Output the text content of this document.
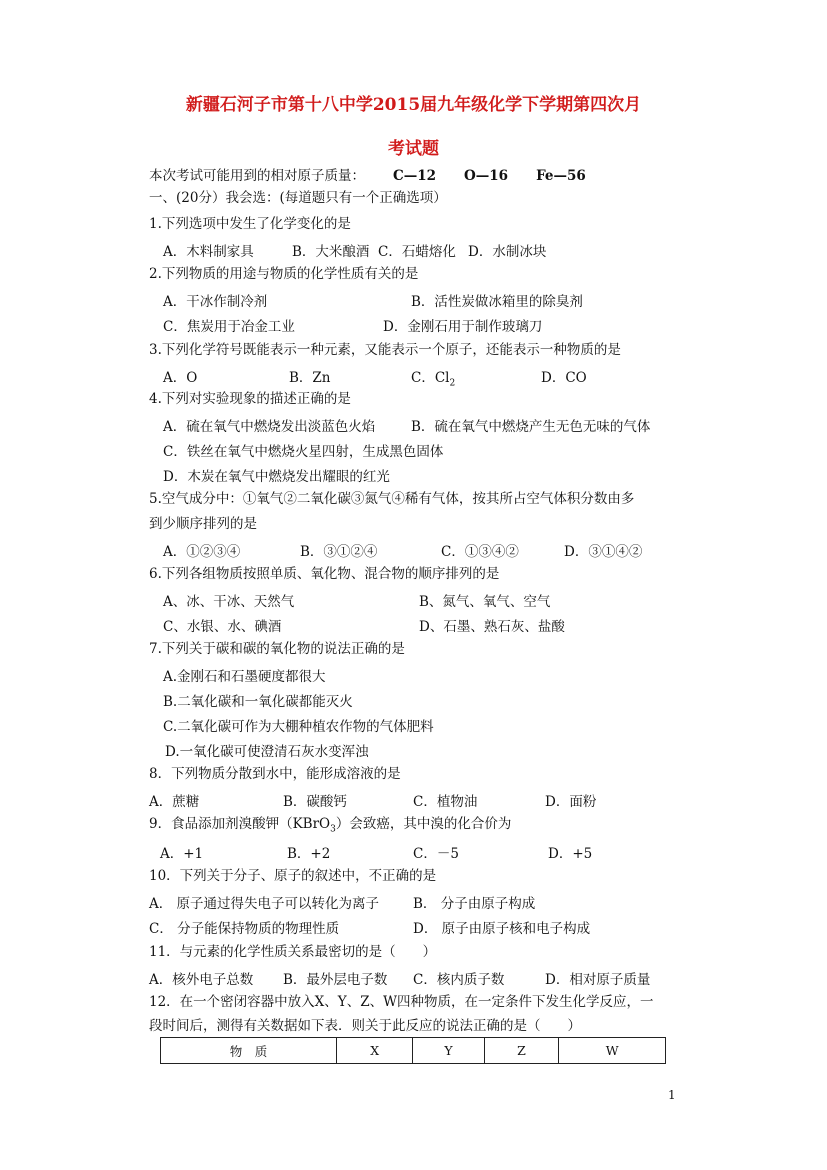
新疆石河子市第十八中学2015届九年级化学下学期第四次月
考试题
本次考试可能用到的相对原子质量： C—12 O—16 Fe—56
一、(20分）我会选：(每道题只有一个正确选项）
1.下列选项中发生了化学变化的是
A．木料制家具	B．大米酿酒 C．石蜡熔化 D．水制冰块
2.下列物质的用途与物质的化学性质有关的是
A．干冰作制冷剂	B．活性炭做冰箱里的除臭剂
C．焦炭用于冶金工业	D．金刚石用于制作玻璃刀
3.下列化学符号既能表示一种元素，又能表示一个原子，还能表示一种物质的是
A．O	B．Zn	C．$Cl_2$	D．CO
4.下列对实验现象的描述正确的是
A．硫在氧气中燃烧发出淡蓝色火焰	B．硫在氧气中燃烧产生无色无味的气体
C．铁丝在氧气中燃烧火星四射，生成黑色固体
D．木炭在氧气中燃烧发出耀眼的红光
5.空气成分中：①氧气②二氧化碳③氮气④稀有气体，按其所占空气体积分数由多
到少顺序排列的是
A．①②③④	B．③①②④	C．①③④②	D．③①④②
6.下列各组物质按照单质、氧化物、混合物的顺序排列的是
A、冰、干冰、天然气	B、氮气、氧气、空气
C、水银、水、碘酒	D、石墨、熟石灰、盐酸
7.下列关于碳和碳的氧化物的说法正确的是
A.金刚石和石墨硬度都很大
B.二氧化碳和一氧化碳都能灭火
C.二氧化碳可作为大棚种植农作物的气体肥料
D.一氧化碳可使澄清石灰水变浑浊
8．下列物质分散到水中，能形成溶液的是
A．蔗糖	B．碳酸钙	C．植物油	D．面粉
9．食品添加剂溴酸钾（KBrO$_3$）会致癌，其中溴的化合价为
A．+1	B．+2	C．－5	D．+5
10．下列关于分子、原子的叙述中，不正确的是
A． 原子通过得失电子可以转化为离子	B． 分子由原子构成
C． 分子能保持物质的物理性质	D． 原子由原子核和电子构成
11．与元素的化学性质关系最密切的是（　　）
A．核外电子总数 B．最外层电子数 C．核内质子数	D．相对原子质量
12．在一个密闭容器中放入X、Y、Z、W四种物质，在一定条件下发生化学反应，一
段时间后，测得有关数据如下表．则关于此反应的说法正确的是（　　）
物　质	X	Y	Z	W
1
